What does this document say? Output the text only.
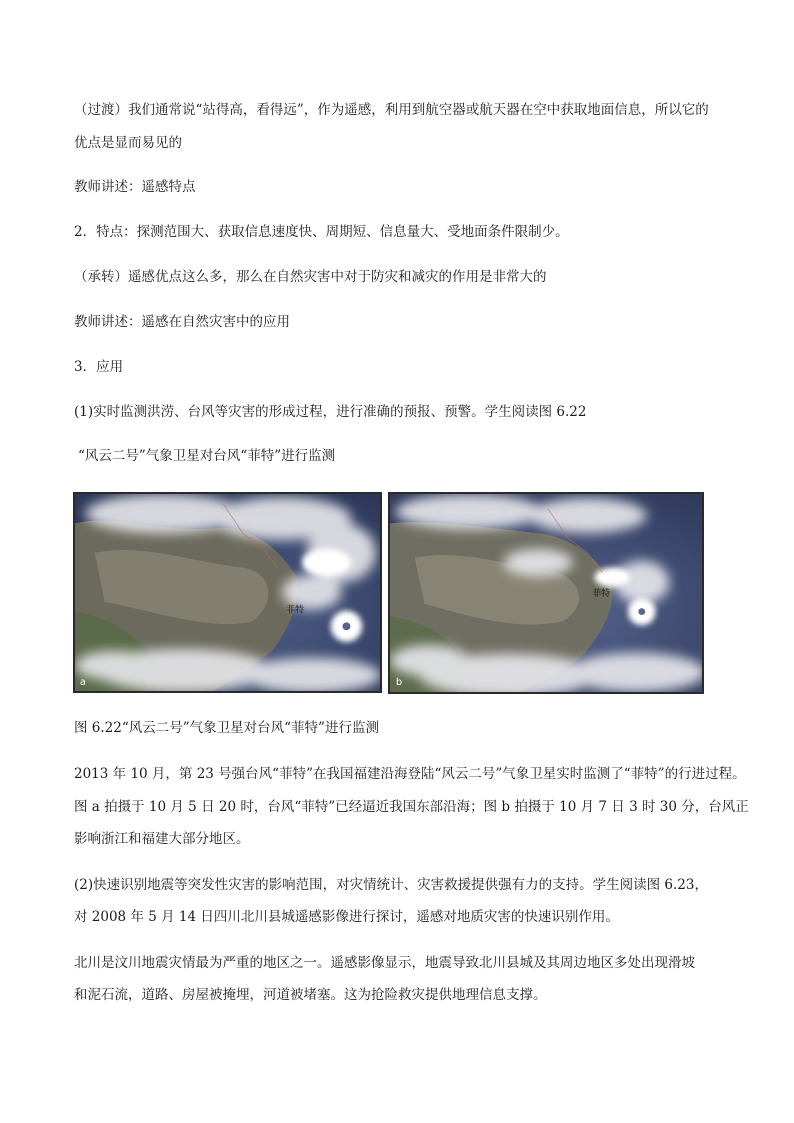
（过渡）我们通常说“站得高，看得远”，作为遥感，利用到航空器或航天器在空中获取地面信息，所以它的
优点是显而易见的
教师讲述：遥感特点
2．特点：探测范围大、获取信息速度快、周期短、信息量大、受地面条件限制少。
（承转）遥感优点这么多，那么在自然灾害中对于防灾和减灾的作用是非常大的
教师讲述：遥感在自然灾害中的应用
3．应用
(1)实时监测洪涝、台风等灾害的形成过程，进行准确的预报、预警。学生阅读图 6.22
“风云二号”气象卫星对台风“菲特”进行监测
菲特
a
菲特
b
图 6.22“风云二号”气象卫星对台风“菲特”进行监测
2013 年 10 月，第 23 号强台风“菲特”在我国福建沿海登陆“风云二号”气象卫星实时监测了“菲特”的行进过程。
图 a 拍摄于 10 月 5 日 20 时，台风“菲特”已经逼近我国东部沿海；图 b 拍摄于 10 月 7 日 3 时 30 分，台风正
影响浙江和福建大部分地区。
(2)快速识别地震等突发性灾害的影响范围，对灾情统计、灾害救援提供强有力的支持。学生阅读图 6.23，
对 2008 年 5 月 14 日四川北川县城遥感影像进行探讨，遥感对地质灾害的快速识别作用。
北川是汶川地震灾情最为严重的地区之一。遥感影像显示，地震导致北川县城及其周边地区多处出现滑坡
和泥石流，道路、房屋被掩埋，河道被堵塞。这为抢险救灾提供地理信息支撑。
